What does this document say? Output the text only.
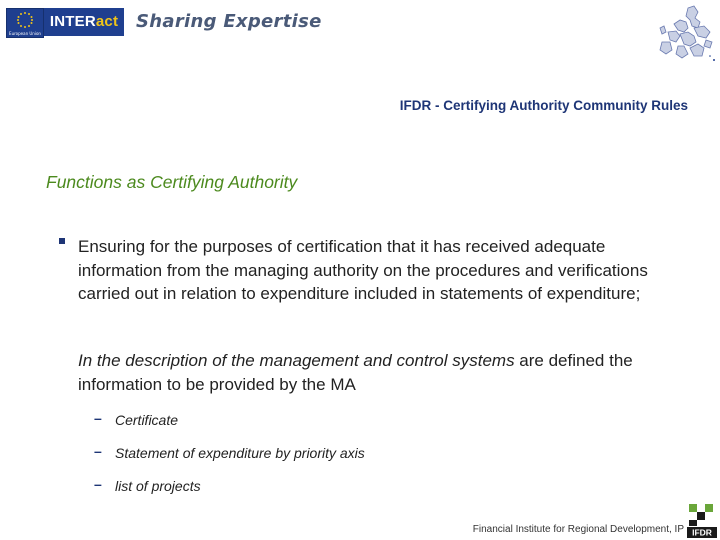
European Union
INTERact Sharing Expertise
IFDR - Certifying Authority Community Rules
Functions as Certifying Authority
Ensuring for the purposes of certification that it has received adequate information from the managing authority on the procedures and verifications carried out in relation to expenditure included in statements of expenditure;
In the description of the management and control systems are defined the information to be provided by the MA
– Certificate
– Statement of expenditure by priority axis
– list of projects
Financial Institute for Regional Development, IP IFDR
